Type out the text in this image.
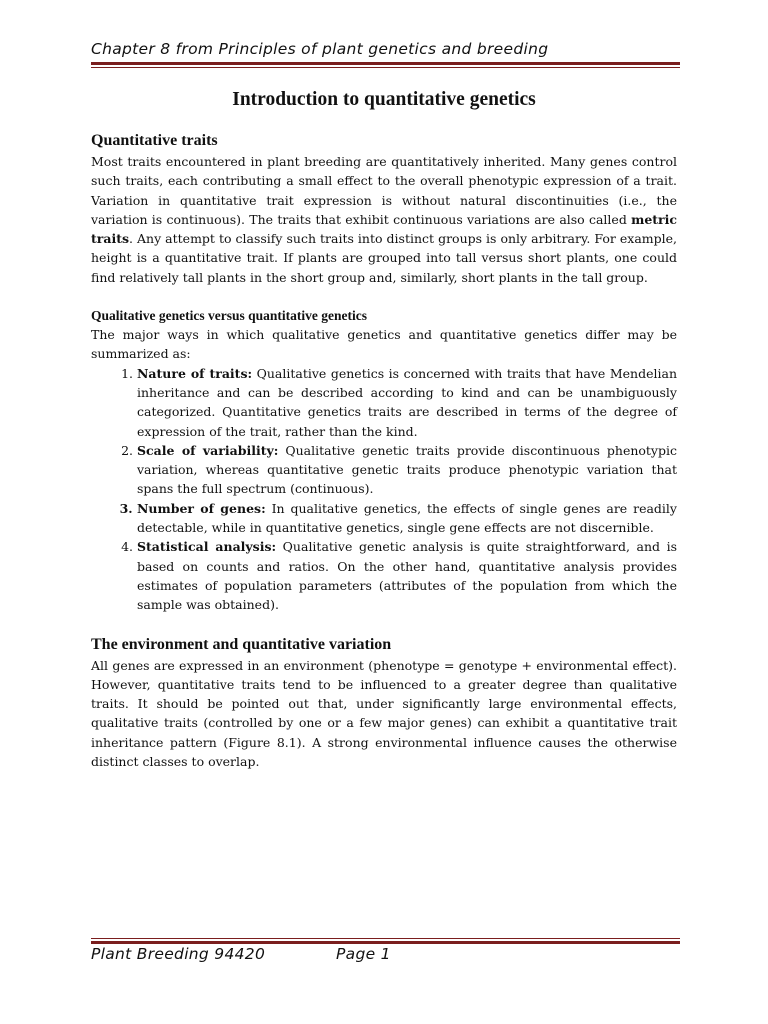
Chapter 8 from Principles of plant genetics and breeding

Introduction to quantitative genetics
Quantitative traits

Most traits encountered in plant breeding are quantitatively inherited. Many genes control such traits, each contributing a small effect to the overall phenotypic expression of a trait. Variation in quantitative trait expression is without natural discontinuities (i.e., the variation is continuous). The traits that exhibit continuous variations are also called metric traits. Any attempt to classify such traits into distinct groups is only arbitrary. For example, height is a quantitative trait. If plants are grouped into tall versus short plants, one could find relatively tall plants in the short group and, similarly, short plants in the tall group.

Qualitative genetics versus quantitative genetics

The major ways in which qualitative genetics and quantitative genetics differ may be summarized as:

1. Nature of traits: Qualitative genetics is concerned with traits that have Mendelian inheritance and can be described according to kind and can be unambiguously categorized. Quantitative genetics traits are described in terms of the degree of expression of the trait, rather than the kind.
2. Scale of variability: Qualitative genetic traits provide discontinuous phenotypic variation, whereas quantitative genetic traits produce phenotypic variation that spans the full spectrum (continuous).
3. Number of genes: In qualitative genetics, the effects of single genes are readily detectable, while in quantitative genetics, single gene effects are not discernible.
4. Statistical analysis: Qualitative genetic analysis is quite straightforward, and is based on counts and ratios. On the other hand, quantitative analysis provides estimates of population parameters (attributes of the population from which the sample was obtained).
The environment and quantitative variation

All genes are expressed in an environment (phenotype = genotype + environmental effect). However, quantitative traits tend to be influenced to a greater degree than qualitative traits. It should be pointed out that, under significantly large environmental effects, qualitative traits (controlled by one or a few major genes) can exhibit a quantitative trait inheritance pattern (Figure 8.1). A strong environmental influence causes the otherwise distinct classes to overlap.

Plant Breeding 94420	Page 1
